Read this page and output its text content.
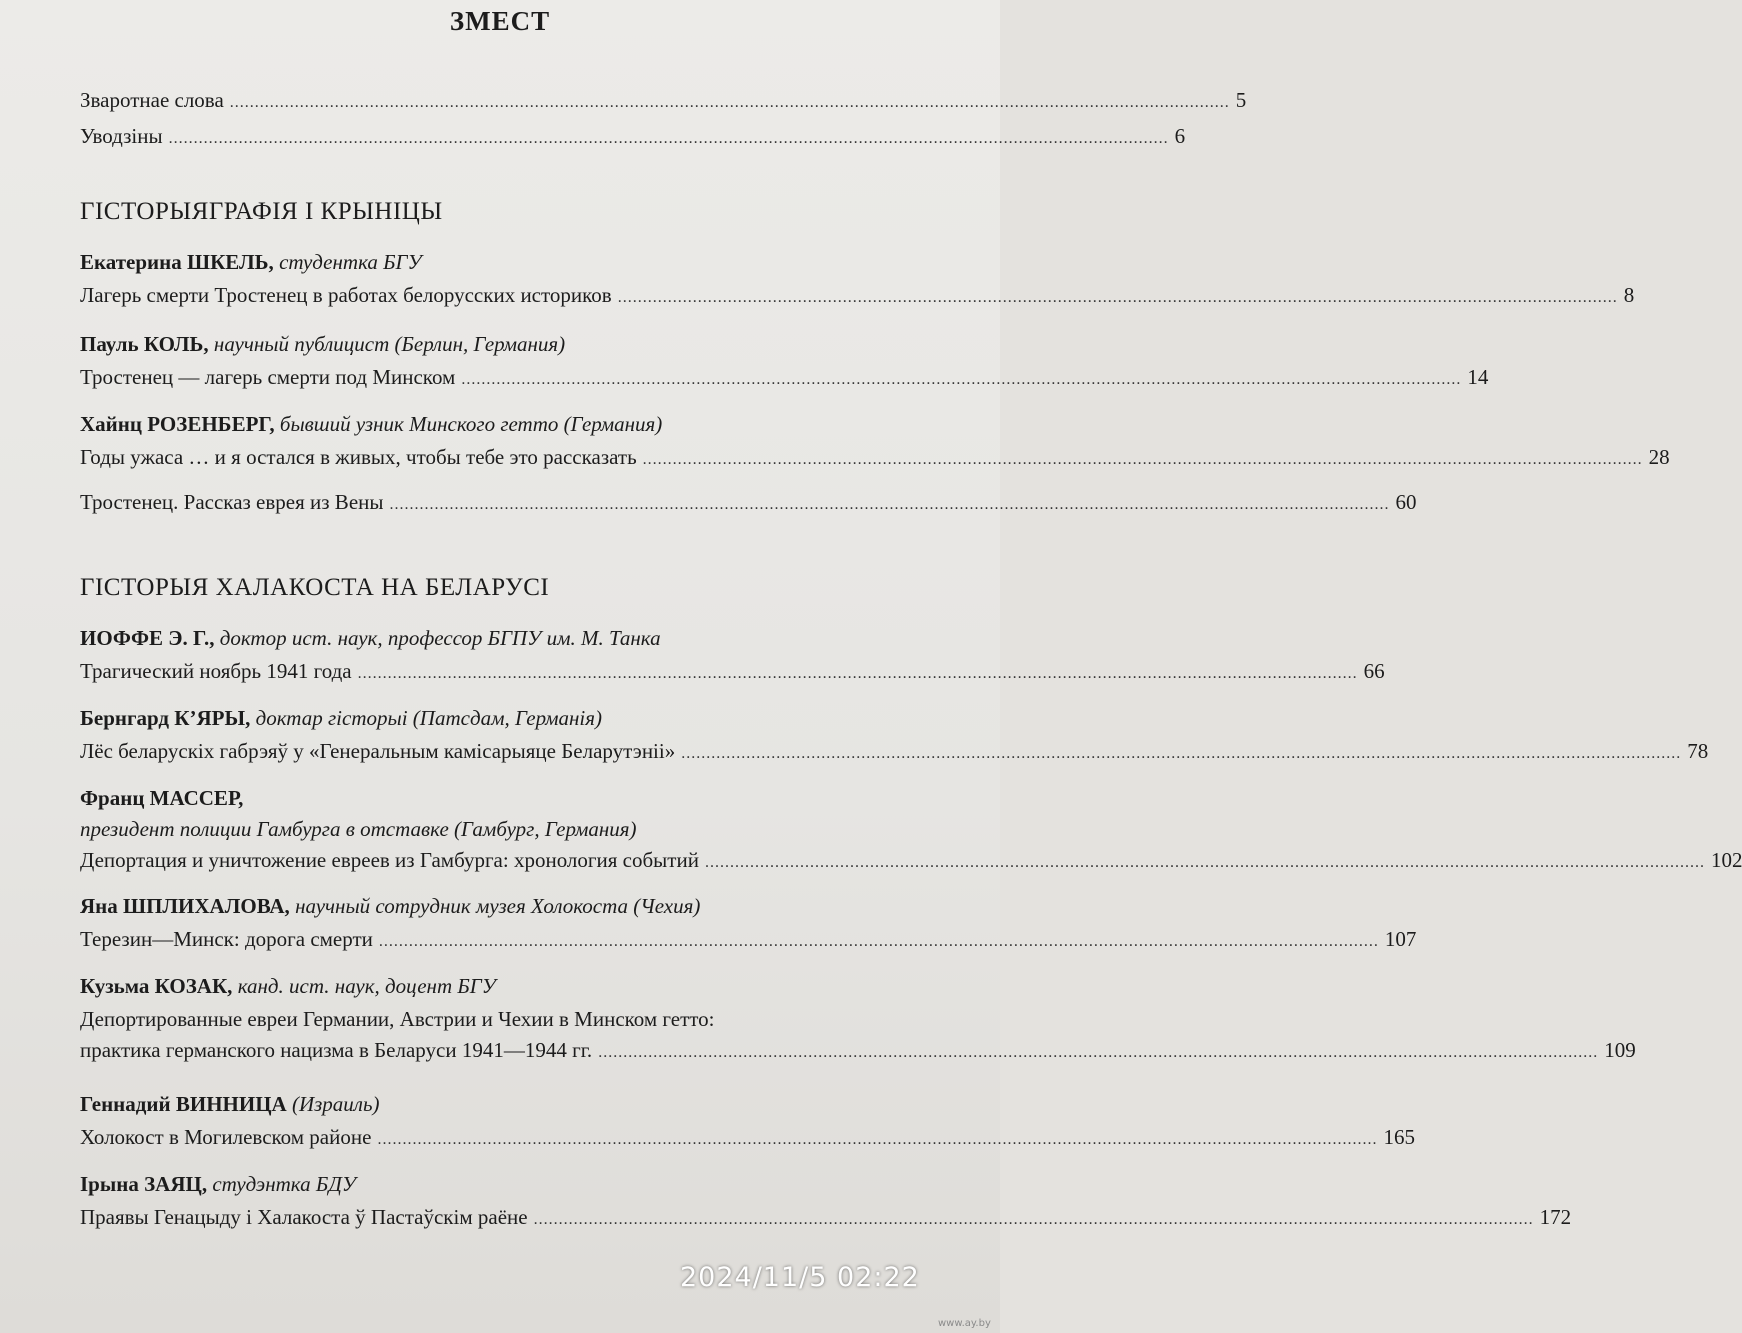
ЗМЕСТ
Зваротнае слова ........................................................................................................................................................................................................ 5
Уводзіны ........................................................................................................................................................................................................ 6
ГІСТОРЫЯГРАФІЯ І КРЫНІЦЫ
Екатерина ШКЕЛЬ, студентка БГУ
Лагерь смерти Тростенец в работах белорусских историков ........................................................................................................................................................................................................ 8
Пауль КОЛЬ, научный публицист (Берлин, Германия)
Тростенец — лагерь смерти под Минском ........................................................................................................................................................................................................ 14
Хайнц РОЗЕНБЕРГ, бывший узник Минского гетто (Германия)
Годы ужаса … и я остался в живых, чтобы тебе это рассказать ........................................................................................................................................................................................................ 28
Тростенец. Рассказ еврея из Вены ........................................................................................................................................................................................................ 60
ГІСТОРЫЯ ХАЛАКОСТА НА БЕЛАРУСІ
ИОФФЕ Э. Г., доктор ист. наук, профессор БГПУ им. М. Танка
Трагический ноябрь 1941 года ........................................................................................................................................................................................................ 66
Бернгард К’ЯРЫ, доктар гісторыі (Патсдам, Германія)
Лёс беларускіх габрэяў у «Генеральным камісарыяце Беларутэніі» ........................................................................................................................................................................................................ 78
Франц МАССЕР,
президент полиции Гамбурга в отставке (Гамбург, Германия)
Депортация и уничтожение евреев из Гамбурга: хронология событий ........................................................................................................................................................................................................ 102
Яна ШПЛИХАЛОВА, научный сотрудник музея Холокоста (Чехия)
Терезин—Минск: дорога смерти ........................................................................................................................................................................................................ 107
Кузьма КОЗАК, канд. ист. наук, доцент БГУ
Депортированные евреи Германии, Австрии и Чехии в Минском гетто:
практика германского нацизма в Беларуси 1941—1944 гг. ........................................................................................................................................................................................................ 109
Геннадий ВИННИЦА (Израиль)
Холокост в Могилевском районе ........................................................................................................................................................................................................ 165
Ірына ЗАЯЦ, студэнтка БДУ
Праявы Генацыду і Халакоста ў Пастаўскім раёне ........................................................................................................................................................................................................ 172
2024/11/5 02:22
www.ay.by
